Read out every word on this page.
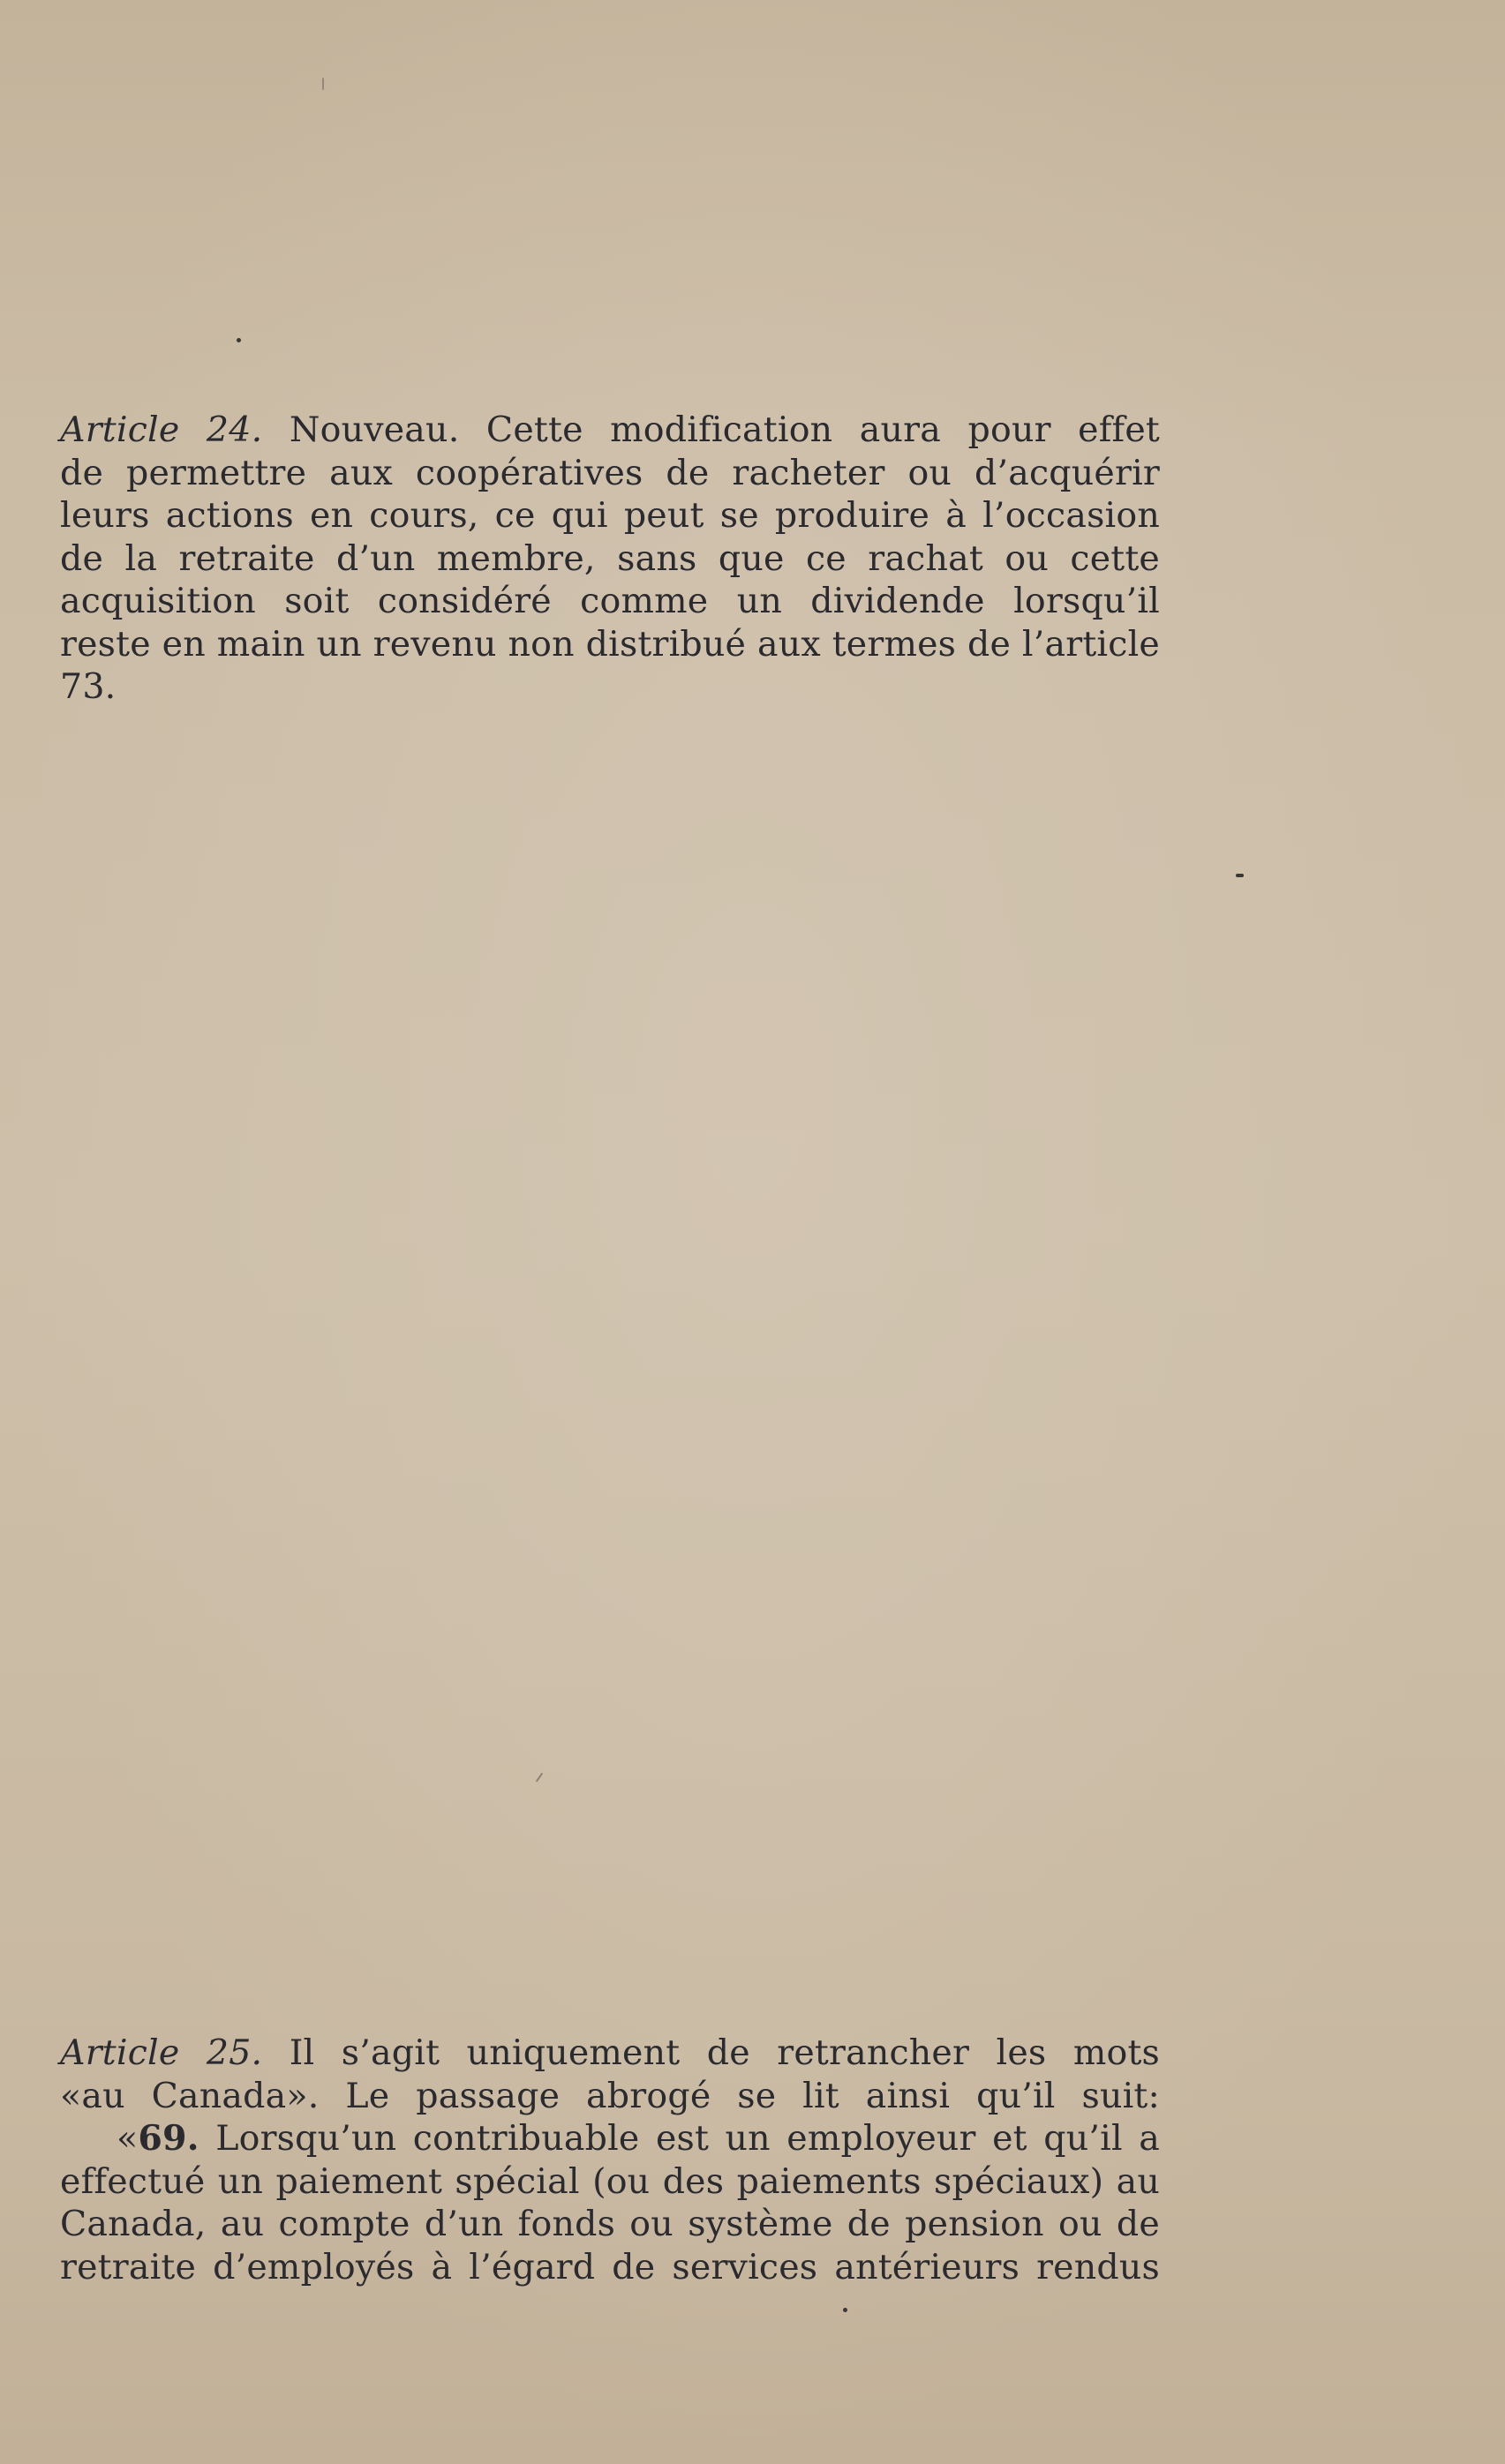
Article 24. Nouveau. Cette modification aura pour effet
de permettre aux coopératives de racheter ou d’acquérir
leurs actions en cours, ce qui peut se produire à l’occasion
de la retraite d’un membre, sans que ce rachat ou cette
acquisition soit considéré comme un dividende lorsqu’il
reste en main un revenu non distribué aux termes de l’article
73.
Article 25. Il s’agit uniquement de retrancher les mots
«au Canada». Le passage abrogé se lit ainsi qu’il suit:
«69. Lorsqu’un contribuable est un employeur et qu’il a
effectué un paiement spécial (ou des paiements spéciaux) au
Canada, au compte d’un fonds ou système de pension ou de
retraite d’employés à l’égard de services antérieurs rendus
